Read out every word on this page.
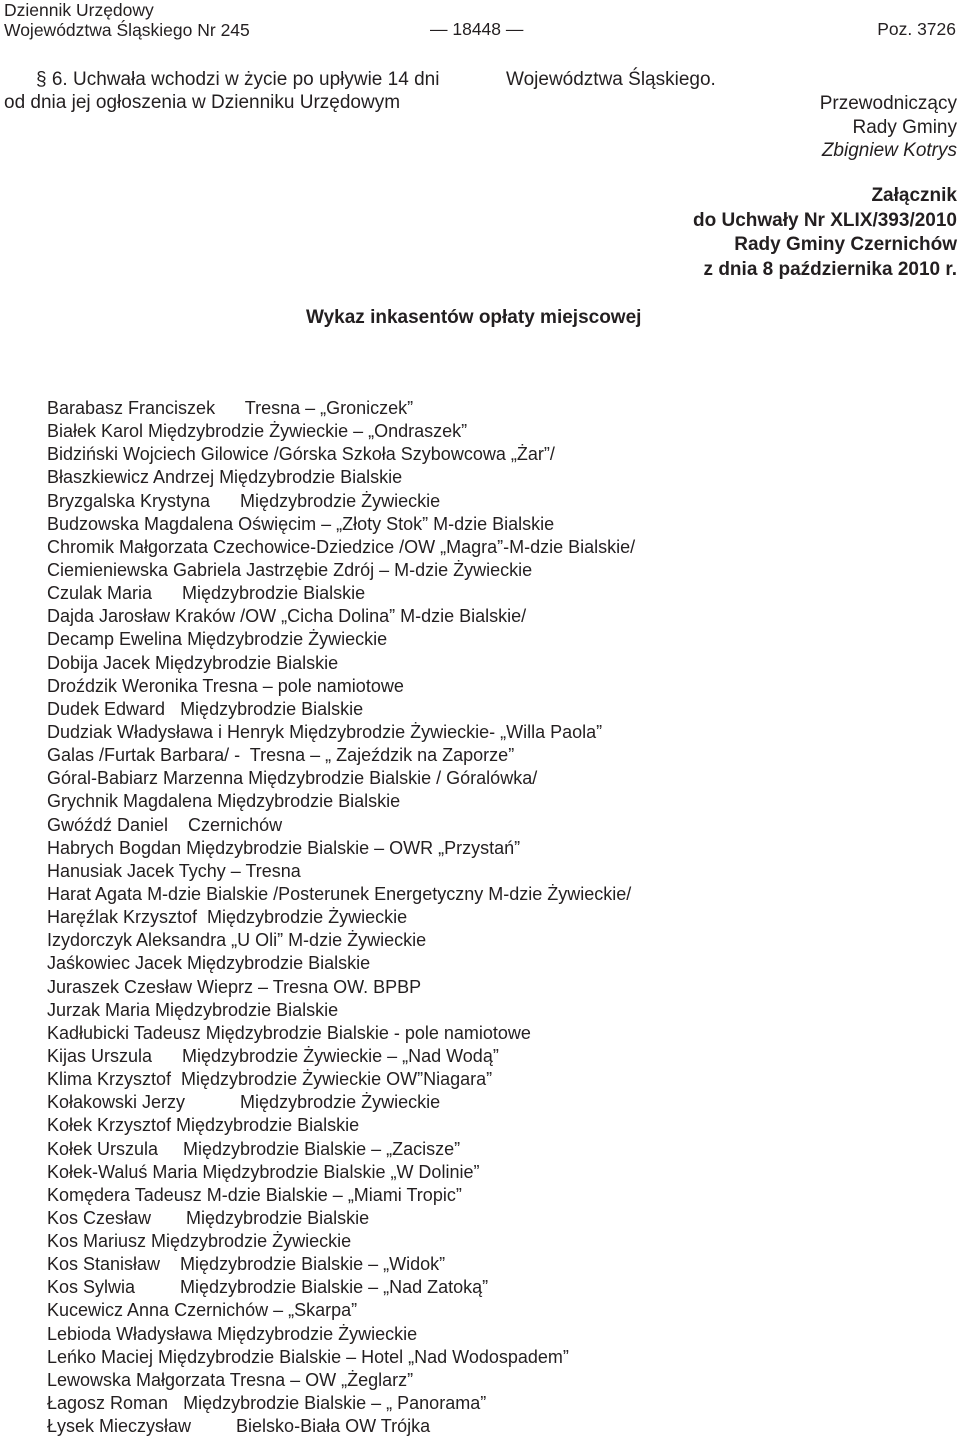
Dziennik Urzędowy
Województwa Śląskiego Nr 245	— 18448 —	Poz. 3726
§ 6. Uchwała wchodzi w życie po upływie 14 dni
od dnia jej ogłoszenia w Dzienniku Urzędowym
Województwa Śląskiego.
Przewodniczący
Rady Gminy
Zbigniew Kotrys
Załącznik
do Uchwały Nr XLIX/393/2010
Rady Gminy Czernichów
z dnia 8 października 2010 r.
Wykaz inkasentów opłaty miejscowej
Barabasz Franciszek      Tresna – „Groniczek”
Białek Karol Międzybrodzie Żywieckie – „Ondraszek”
Bidziński Wojciech Gilowice /Górska Szkoła Szybowcowa „Żar”/
Błaszkiewicz Andrzej Międzybrodzie Bialskie
Bryzgalska Krystyna      Międzybrodzie Żywieckie
Budzowska Magdalena Oświęcim – „Złoty Stok” M-dzie Bialskie
Chromik Małgorzata Czechowice-Dziedzice /OW „Magra”-M-dzie Bialskie/
Ciemieniewska Gabriela Jastrzębie Zdrój – M-dzie Żywieckie
Czulak Maria      Międzybrodzie Bialskie
Dajda Jarosław Kraków /OW „Cicha Dolina” M-dzie Bialskie/
Decamp Ewelina Międzybrodzie Żywieckie
Dobija Jacek Międzybrodzie Bialskie
Droździk Weronika Tresna – pole namiotowe
Dudek Edward   Międzybrodzie Bialskie
Dudziak Władysława i Henryk Międzybrodzie Żywieckie- „Willa Paola”
Galas /Furtak Barbara/ -  Tresna – „ Zajeździk na Zaporze”
Góral-Babiarz Marzenna Międzybrodzie Bialskie / Góralówka/
Grychnik Magdalena Międzybrodzie Bialskie
Gwóźdź Daniel    Czernichów
Habrych Bogdan Międzybrodzie Bialskie – OWR „Przystań”
Hanusiak Jacek Tychy – Tresna
Harat Agata M-dzie Bialskie /Posterunek Energetyczny M-dzie Żywieckie/
Haręźlak Krzysztof  Międzybrodzie Żywieckie
Izydorczyk Aleksandra „U Oli” M-dzie Żywieckie
Jaśkowiec Jacek Międzybrodzie Bialskie
Juraszek Czesław Wieprz – Tresna OW. BPBP
Jurzak Maria Międzybrodzie Bialskie
Kadłubicki Tadeusz Międzybrodzie Bialskie - pole namiotowe
Kijas Urszula      Międzybrodzie Żywieckie – „Nad Wodą”
Klima Krzysztof  Międzybrodzie Żywieckie OW”Niagara”
Kołakowski Jerzy           Międzybrodzie Żywieckie
Kołek Krzysztof Międzybrodzie Bialskie
Kołek Urszula     Międzybrodzie Bialskie – „Zacisze”
Kołek-Waluś Maria Międzybrodzie Bialskie „W Dolinie”
Komędera Tadeusz M-dzie Bialskie – „Miami Tropic”
Kos Czesław       Międzybrodzie Bialskie
Kos Mariusz Międzybrodzie Żywieckie
Kos Stanisław    Międzybrodzie Bialskie – „Widok”
Kos Sylwia         Międzybrodzie Bialskie – „Nad Zatoką”
Kucewicz Anna Czernichów – „Skarpa”
Lebioda Władysława Międzybrodzie Żywieckie
Leńko Maciej Międzybrodzie Bialskie – Hotel „Nad Wodospadem”
Lewowska Małgorzata Tresna – OW „Żeglarz”
Łagosz Roman   Międzybrodzie Bialskie – „ Panorama”
Łysek Mieczysław         Bielsko-Biała OW Trójka
